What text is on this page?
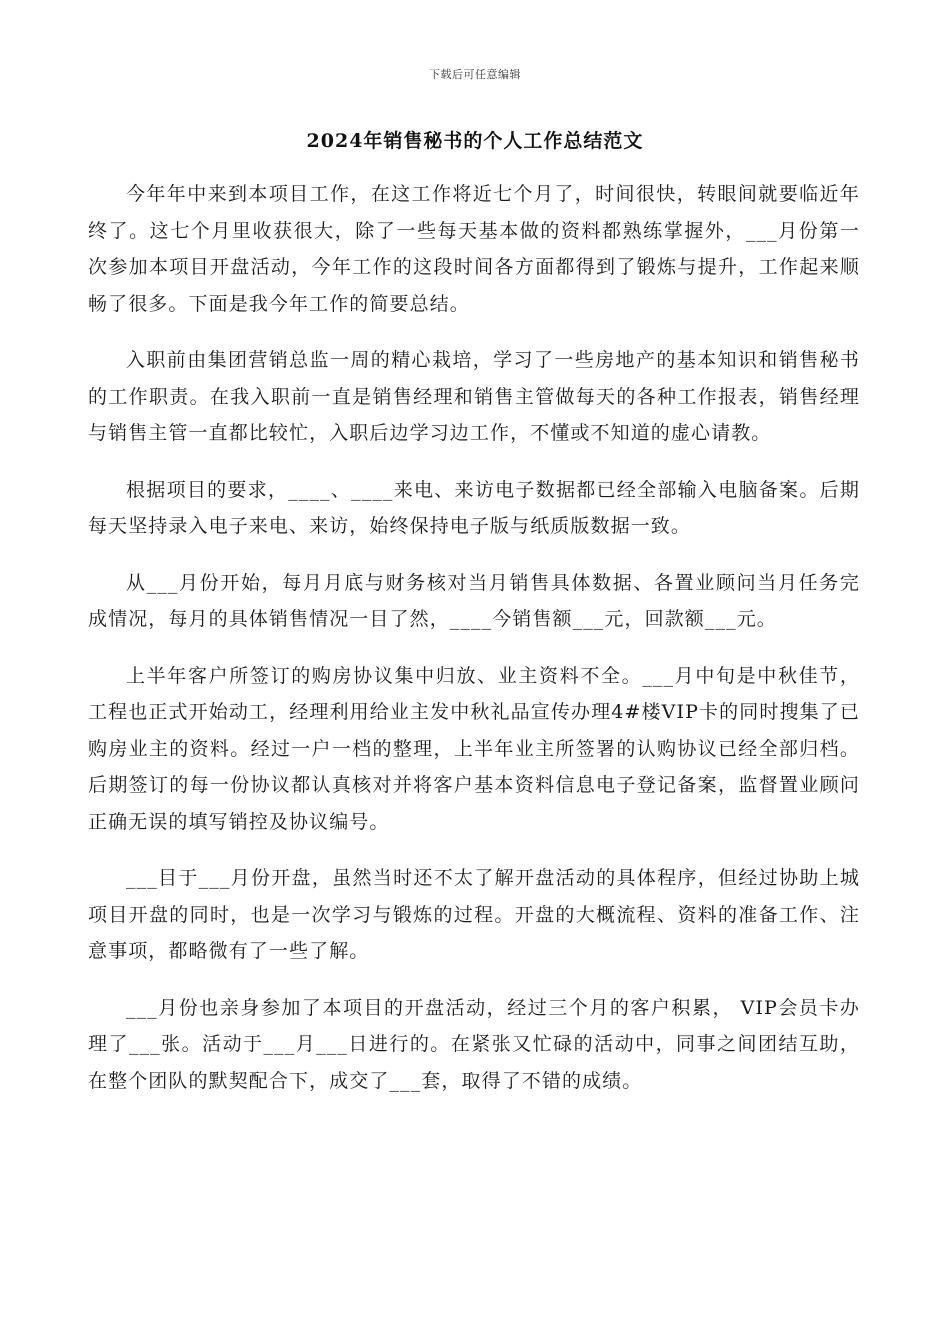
下载后可任意编辑
2024年销售秘书的个人工作总结范文

今年年中来到本项目工作，在这工作将近七个月了，时间很快，转眼间就要临近年终了。这七个月里收获很大，除了一些每天基本做的资料都熟练掌握外，___月份第一次参加本项目开盘活动，今年工作的这段时间各方面都得到了锻炼与提升，工作起来顺畅了很多。下面是我今年工作的简要总结。

入职前由集团营销总监一周的精心栽培，学习了一些房地产的基本知识和销售秘书的工作职责。在我入职前一直是销售经理和销售主管做每天的各种工作报表，销售经理与销售主管一直都比较忙，入职后边学习边工作，不懂或不知道的虚心请教。

根据项目的要求，____、____来电、来访电子数据都已经全部输入电脑备案。后期每天坚持录入电子来电、来访，始终保持电子版与纸质版数据一致。

从___月份开始，每月月底与财务核对当月销售具体数据、各置业顾问当月任务完成情况，每月的具体销售情况一目了然，____今销售额___元，回款额___元。

上半年客户所签订的购房协议集中归放、业主资料不全。___月中旬是中秋佳节，工程也正式开始动工，经理利用给业主发中秋礼品宣传办理4#楼VIP卡的同时搜集了已购房业主的资料。经过一户一档的整理，上半年业主所签署的认购协议已经全部归档。后期签订的每一份协议都认真核对并将客户基本资料信息电子登记备案，监督置业顾问正确无误的填写销控及协议编号。

___目于___月份开盘，虽然当时还不太了解开盘活动的具体程序，但经过协助上城项目开盘的同时，也是一次学习与锻炼的过程。开盘的大概流程、资料的准备工作、注意事项，都略微有了一些了解。

___月份也亲身参加了本项目的开盘活动，经过三个月的客户积累， VIP会员卡办理了___张。活动于___月___日进行的。在紧张又忙碌的活动中，同事之间团结互助，在整个团队的默契配合下，成交了___套，取得了不错的成绩。
